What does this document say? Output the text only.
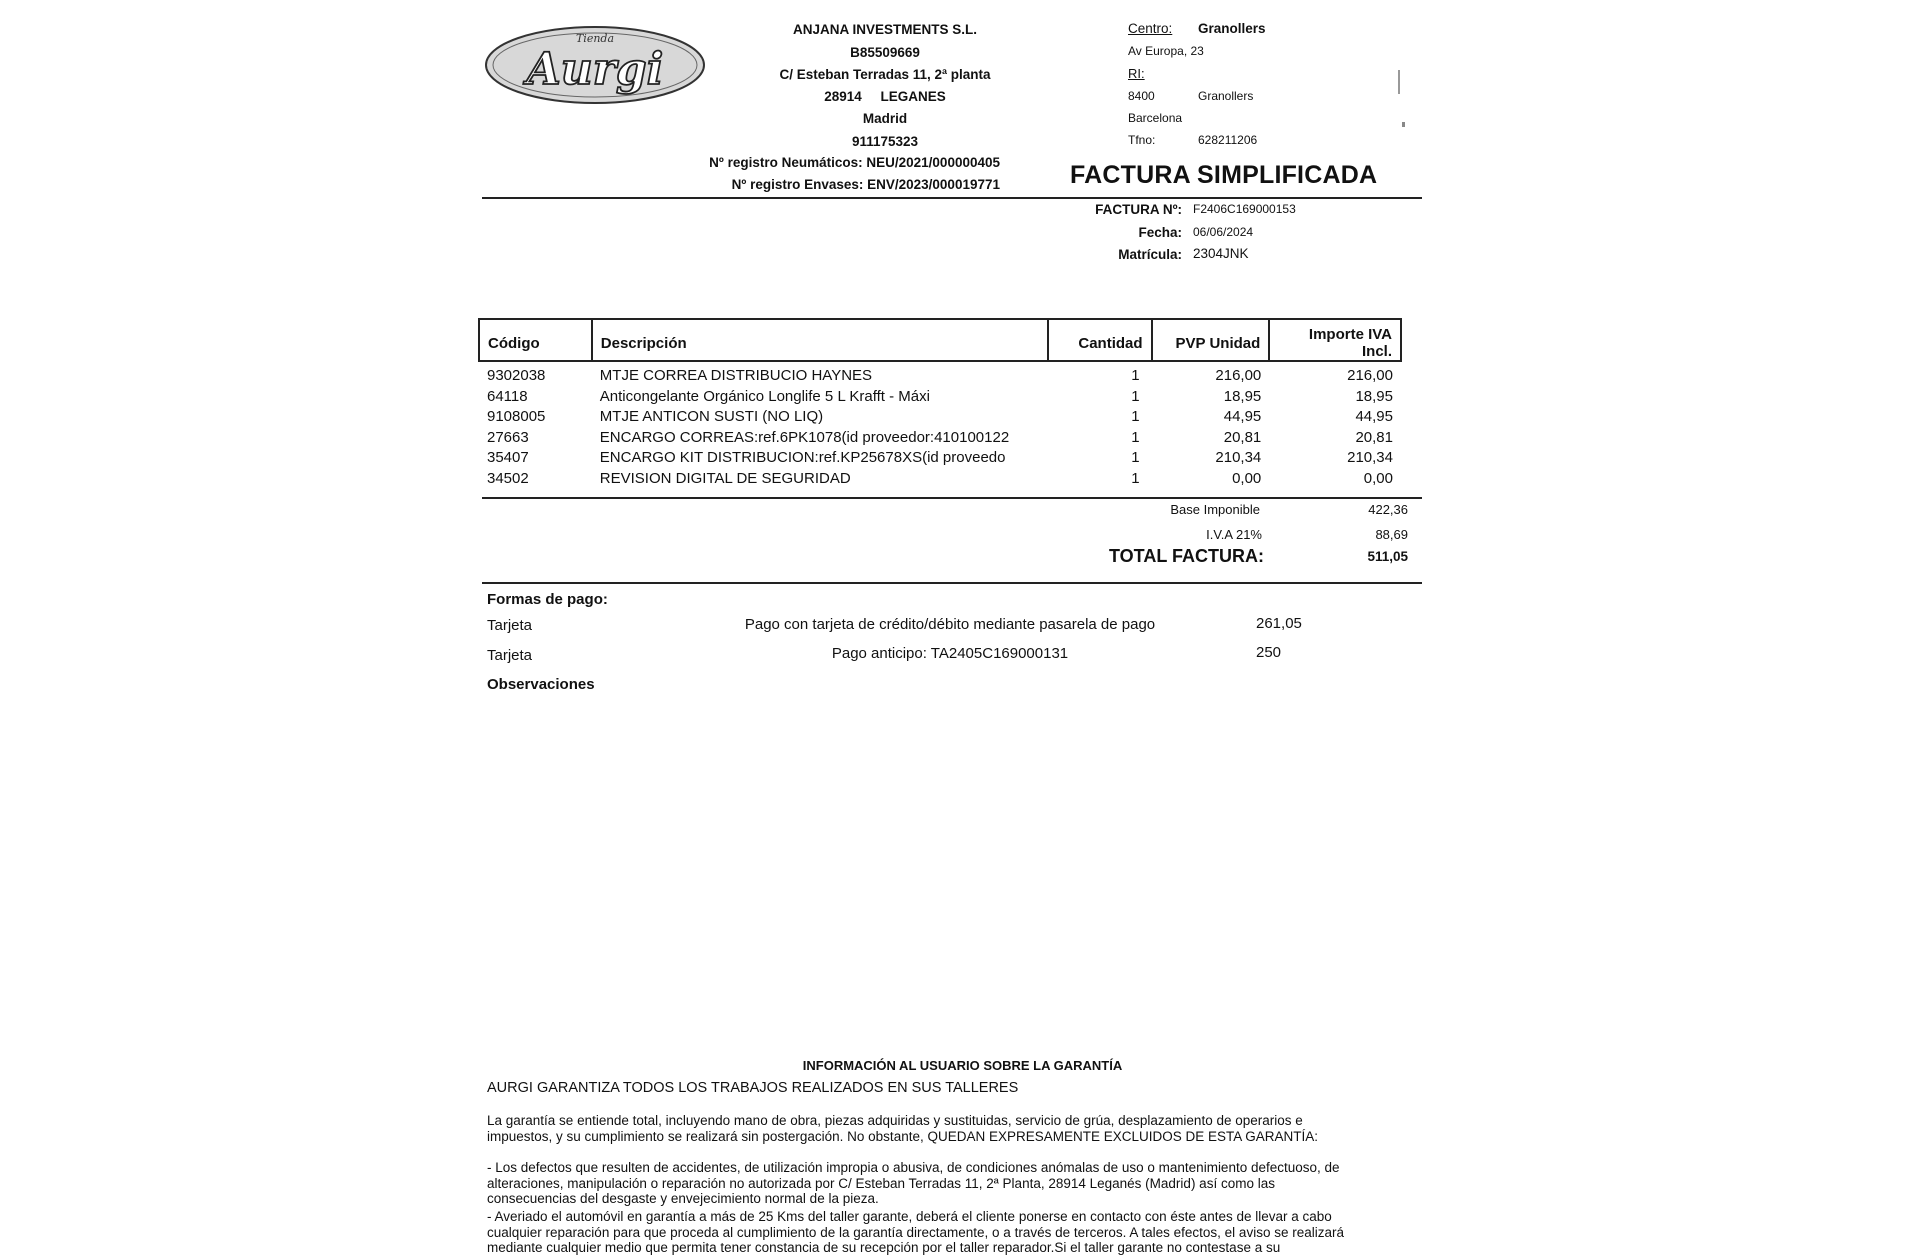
Tienda
Aurgi
ANJANA INVESTMENTS S.L.
B85509669
C/ Esteban Terradas 11, 2ª planta
28914 LEGANES
Madrid
911175323
Nº registro Neumáticos: NEU/2021/000000405
Nº registro Envases: ENV/2023/000019771
Centro: Granollers
Av Europa, 23
RI:
8400	Granollers
Barcelona
Tfno:	628211206
FACTURA SIMPLIFICADA
FACTURA Nº: F2406C169000153
Fecha: 06/06/2024
Matrícula: 2304JNK
Código	Descripción	Cantidad	PVP Unidad	Importe IVA Incl.

9302038	MTJE CORREA DISTRIBUCIO HAYNES	1	216,00	216,00
64118	Anticongelante Orgánico Longlife 5 L Krafft - Máxi	1	18,95	18,95
9108005	MTJE ANTICON SUSTI (NO LIQ)	1	44,95	44,95
27663	ENCARGO CORREAS:ref.6PK1078(id proveedor:410100122	1	20,81	20,81
35407	ENCARGO KIT DISTRIBUCION:ref.KP25678XS(id proveedo	1	210,34	210,34
34502	REVISION DIGITAL DE SEGURIDAD	1	0,00	0,00
Base Imponible	422,36
I.V.A 21%	88,69
TOTAL FACTURA:	511,05
Formas de pago:
Tarjeta	Pago con tarjeta de crédito/débito mediante pasarela de pago	261,05
Tarjeta	Pago anticipo: TA2405C169000131	250
Observaciones
INFORMACIÓN AL USUARIO SOBRE LA GARANTÍA
AURGI GARANTIZA TODOS LOS TRABAJOS REALIZADOS EN SUS TALLERES
La garantía se entiende total, incluyendo mano de obra, piezas adquiridas y sustituidas, servicio de grúa, desplazamiento de operarios e
impuestos, y su cumplimiento se realizará sin postergación. No obstante, QUEDAN EXPRESAMENTE EXCLUIDOS DE ESTA GARANTÍA:
- Los defectos que resulten de accidentes, de utilización impropia o abusiva, de condiciones anómalas de uso o mantenimiento defectuoso, de
alteraciones, manipulación o reparación no autorizada por C/ Esteban Terradas 11, 2ª Planta, 28914 Leganés (Madrid) así como las
consecuencias del desgaste y envejecimiento normal de la pieza.
- Averiado el automóvil en garantía a más de 25 Kms del taller garante, deberá el cliente ponerse en contacto con éste antes de llevar a cabo
cualquier reparación para que proceda al cumplimiento de la garantía directamente, o a través de terceros. A tales efectos, el aviso se realizará
mediante cualquier medio que permita tener constancia de su recepción por el taller reparador.Si el taller garante no contestase a su
